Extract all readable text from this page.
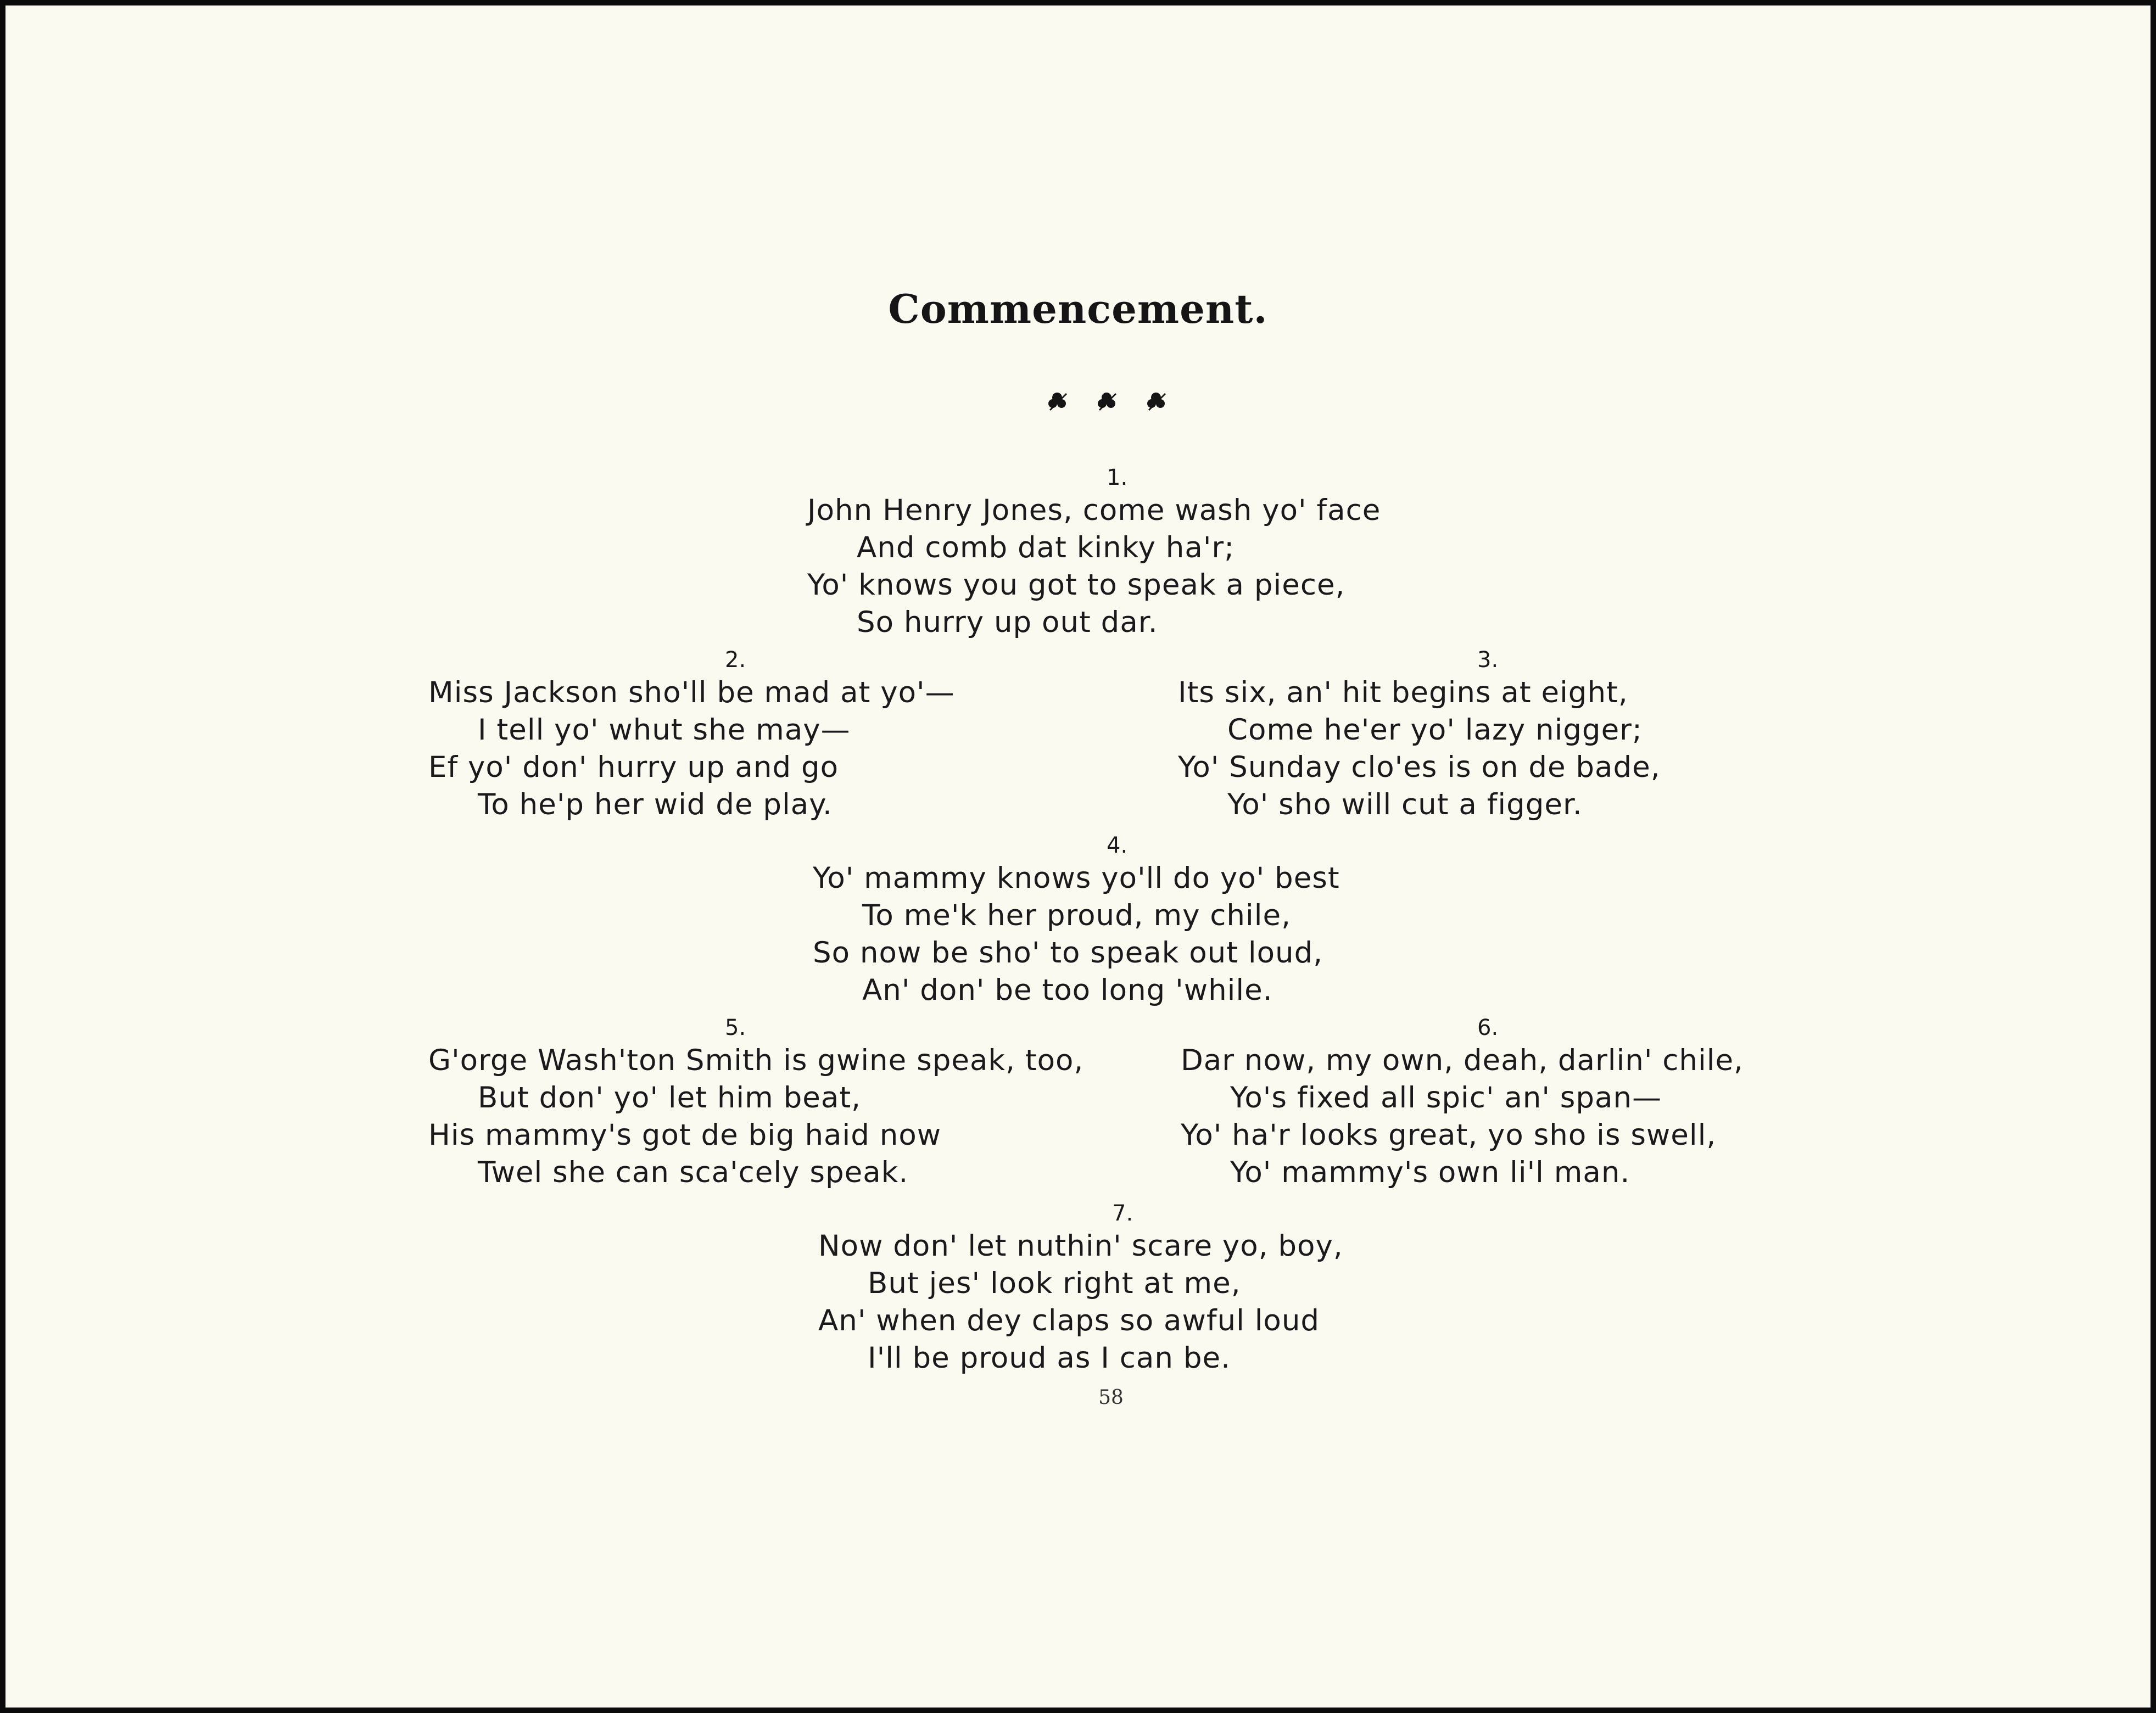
Commencement.
1.
John Henry Jones, come wash yo' face
And comb dat kinky ha'r;
Yo' knows you got to speak a piece,
So hurry up out dar.
2.
Miss Jackson sho'll be mad at yo'—
I tell yo' whut she may—
Ef yo' don' hurry up and go
To he'p her wid de play.
3.
Its six, an' hit begins at eight,
Come he'er yo' lazy nigger;
Yo' Sunday clo'es is on de bade,
Yo' sho will cut a figger.
4.
Yo' mammy knows yo'll do yo' best
To me'k her proud, my chile,
So now be sho' to speak out loud,
An' don' be too long 'while.
5.
G'orge Wash'ton Smith is gwine speak, too,
But don' yo' let him beat,
His mammy's got de big haid now
Twel she can sca'cely speak.
6.
Dar now, my own, deah, darlin' chile,
Yo's fixed all spic' an' span—
Yo' ha'r looks great, yo sho is swell,
Yo' mammy's own li'l man.
7.
Now don' let nuthin' scare yo, boy,
But jes' look right at me,
An' when dey claps so awful loud
I'll be proud as I can be.
58
